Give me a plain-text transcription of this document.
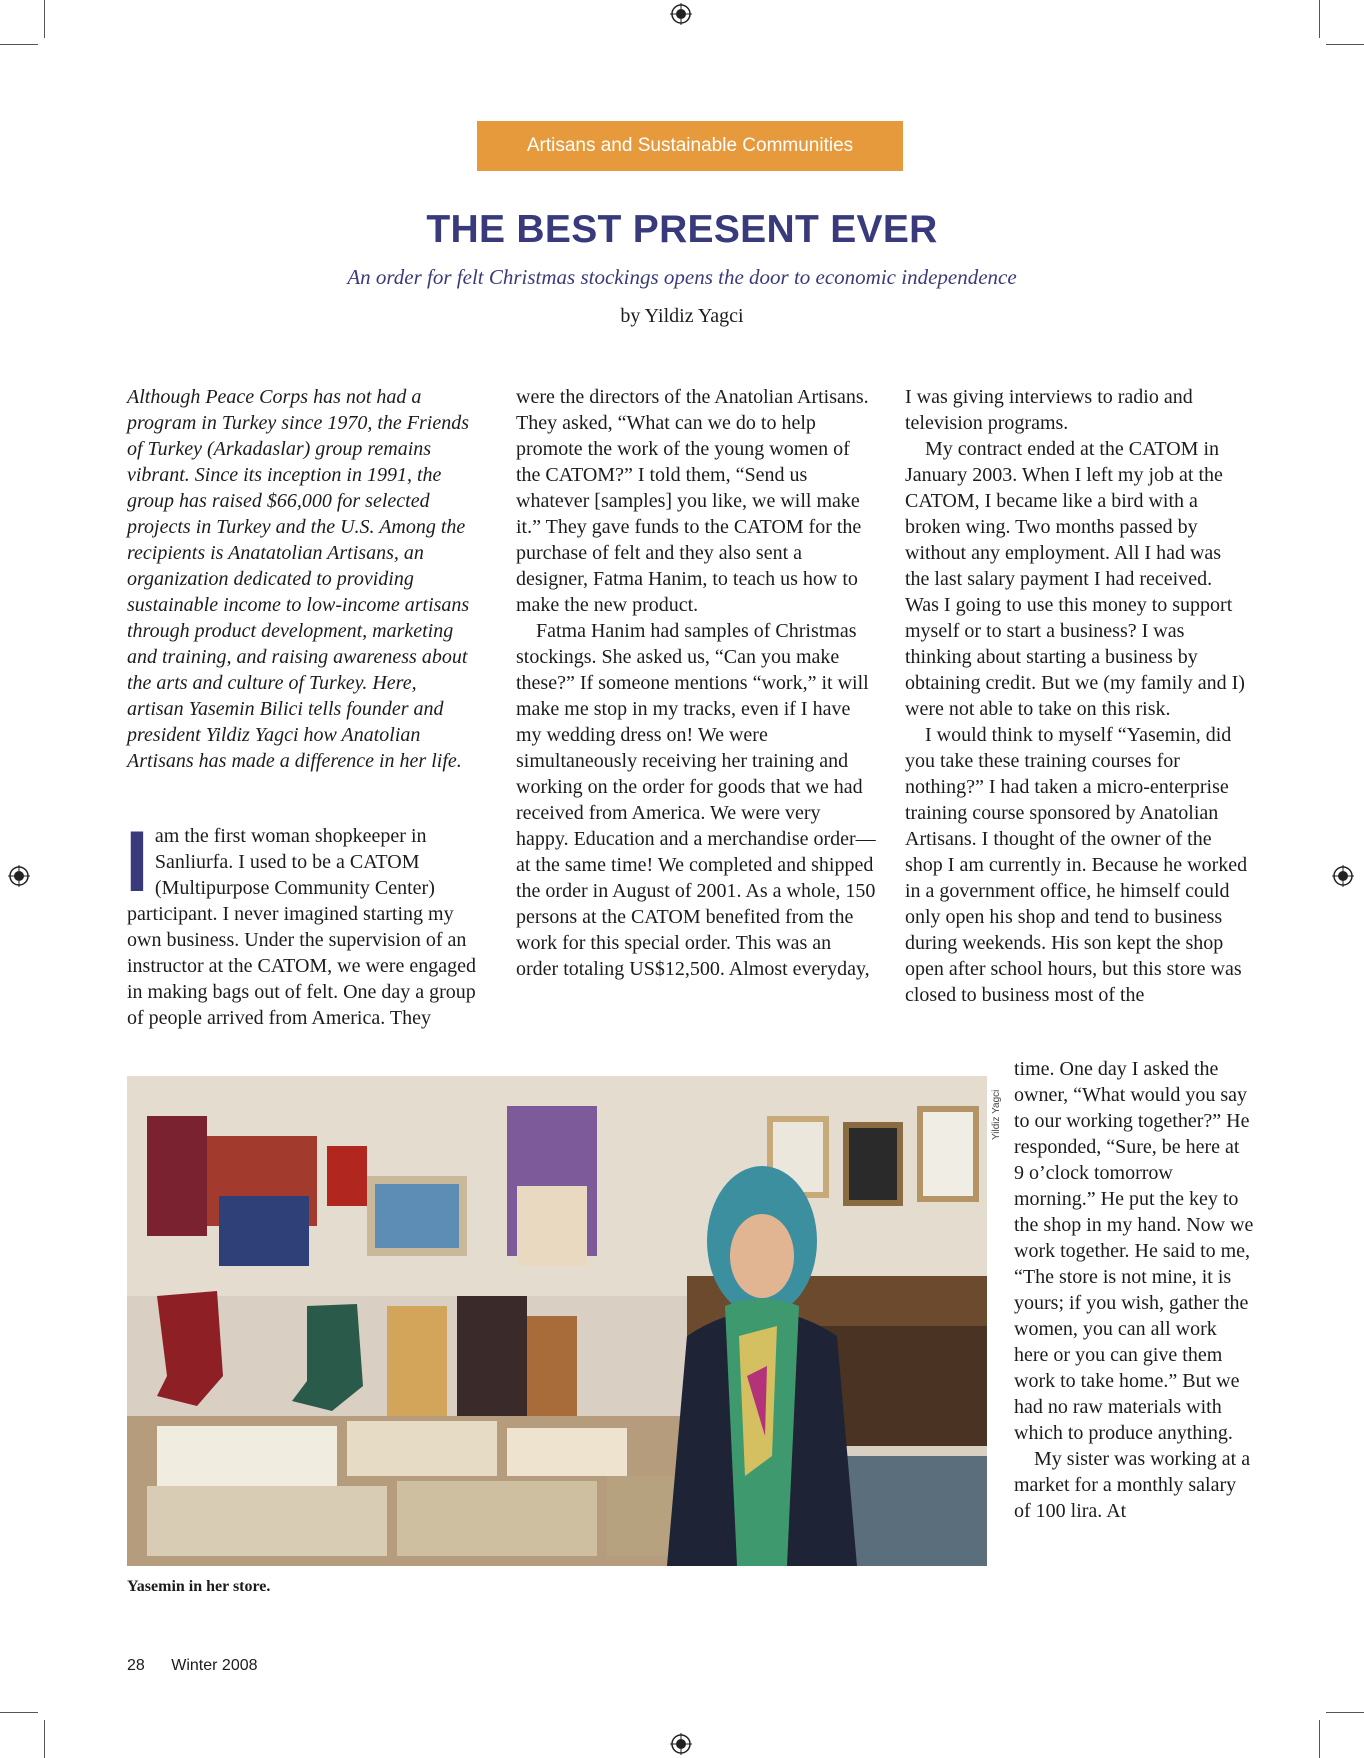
Artisans and Sustainable Communities
THE BEST PRESENT EVER
An order for felt Christmas stockings opens the door to economic independence
by Yildiz Yagci

Although Peace Corps has not had a program in Turkey since 1970, the Friends of Turkey (Arkadaslar) group remains vibrant. Since its inception in 1991, the group has raised $66,000 for selected projects in Turkey and the U.S. Among the recipients is Anatatolian Artisans, an organization dedicated to providing sustainable income to low-income artisans through product development, marketing and training, and raising awareness about the arts and culture of Turkey. Here, artisan Yasemin Bilici tells founder and president Yildiz Yagci how Anatolian Artisans has made a difference in her life.

I am the first woman shopkeeper in Sanliurfa. I used to be a CATOM (Multipurpose Community Center) participant. I never imagined starting my own business. Under the supervision of an instructor at the CATOM, we were engaged in making bags out of felt. One day a group of people arrived from America. They

were the directors of the Anatolian Artisans. They asked, “What can we do to help promote the work of the young women of the CATOM?” I told them, “Send us whatever [samples] you like, we will make it.” They gave funds to the CATOM for the purchase of felt and they also sent a designer, Fatma Hanim, to teach us how to make the new product.

Fatma Hanim had samples of Christmas stockings. She asked us, “Can you make these?” If someone mentions “work,” it will make me stop in my tracks, even if I have my wedding dress on! We were simultaneously receiving her training and working on the order for goods that we had received from America. We were very happy. Education and a merchandise order—at the same time! We completed and shipped the order in August of 2001. As a whole, 150 persons at the CATOM benefited from the work for this special order. This was an order totaling US$12,500. Almost everyday,

I was giving interviews to radio and television programs.

My contract ended at the CATOM in January 2003. When I left my job at the CATOM, I became like a bird with a broken wing. Two months passed by without any employment. All I had was the last salary payment I had received. Was I going to use this money to support myself or to start a business? I was thinking about starting a business by obtaining credit. But we (my family and I) were not able to take on this risk.

I would think to myself “Yasemin, did you take these training courses for nothing?” I had taken a micro-enterprise training course sponsored by Anatolian Artisans. I thought of the owner of the shop I am currently in. Because he worked in a government office, he himself could only open his shop and tend to business during weekends. His son kept the shop open after school hours, but this store was closed to business most of the

time. One day I asked the owner, “What would you say to our working together?” He responded, “Sure, be here at 9 o’clock tomorrow morning.” He put the key to the shop in my hand. Now we work together. He said to me, “The store is not mine, it is yours; if you wish, gather the women, you can all work here or you can give them work to take home.” But we had no raw materials with which to produce anything.

My sister was working at a market for a monthly salary of 100 lira. At

Yildiz Yagci
Yasemin in her store.
28 Winter 2008
